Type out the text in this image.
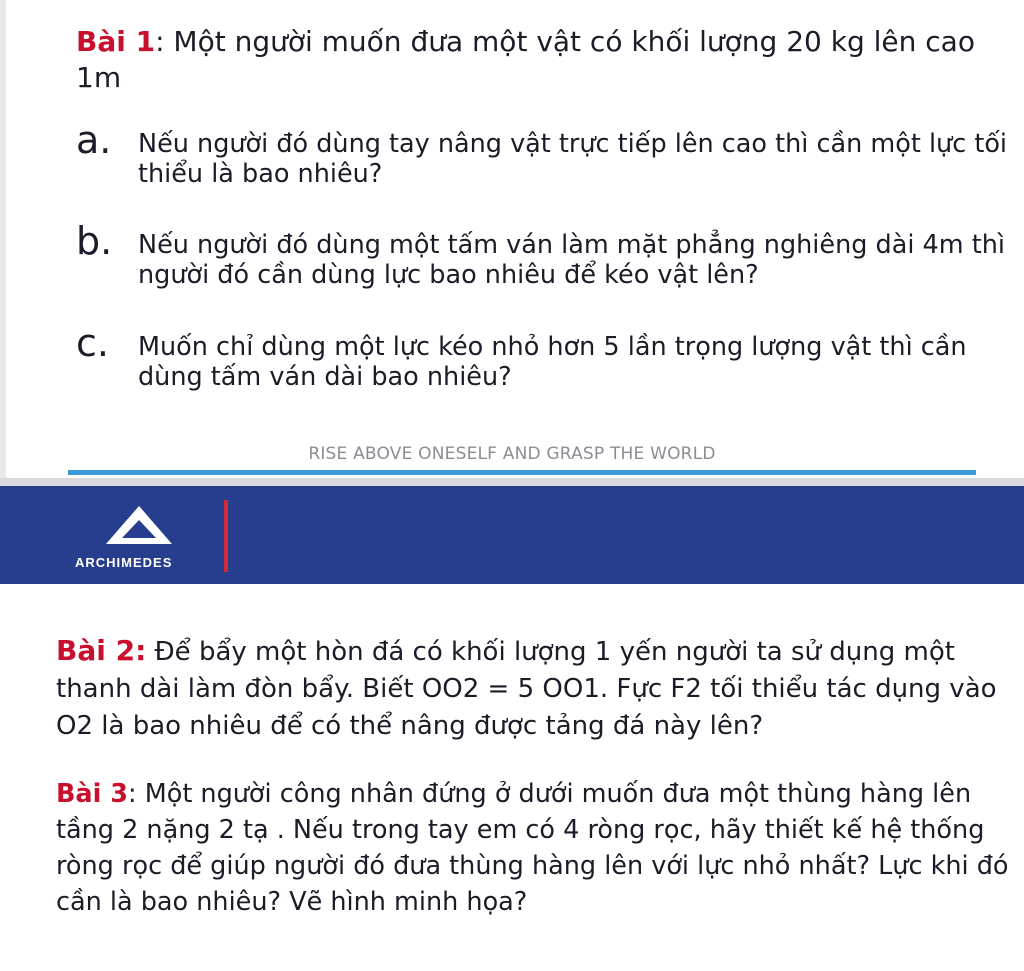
Bài 1: Một người muốn đưa một vật có khối lượng 20 kg lên cao 1m

a. Nếu người đó dùng tay nâng vật trực tiếp lên cao thì cần một lực tối thiểu là bao nhiêu?
b. Nếu người đó dùng một tấm ván làm mặt phẳng nghiêng dài 4m thì người đó cần dùng lực bao nhiêu để kéo vật lên?
c. Muốn chỉ dùng một lực kéo nhỏ hơn 5 lần trọng lượng vật thì cần dùng tấm ván dài bao nhiêu?
RISE ABOVE ONESELF AND GRASP THE WORLD
ARCHIMEDES

Bài 2: Để bẩy một hòn đá có khối lượng 1 yến người ta sử dụng một thanh dài làm đòn bẩy. Biết OO2 = 5 OO1. Fực F2 tối thiểu tác dụng vào O2 là bao nhiêu để có thể nâng được tảng đá này lên?

Bài 3: Một người công nhân đứng ở dưới muốn đưa một thùng hàng lên tầng 2 nặng 2 tạ . Nếu trong tay em có 4 ròng rọc, hãy thiết kế hệ thống ròng rọc để giúp người đó đưa thùng hàng lên với lực nhỏ nhất? Lực khi đó cần là bao nhiêu? Vẽ hình minh họa?
